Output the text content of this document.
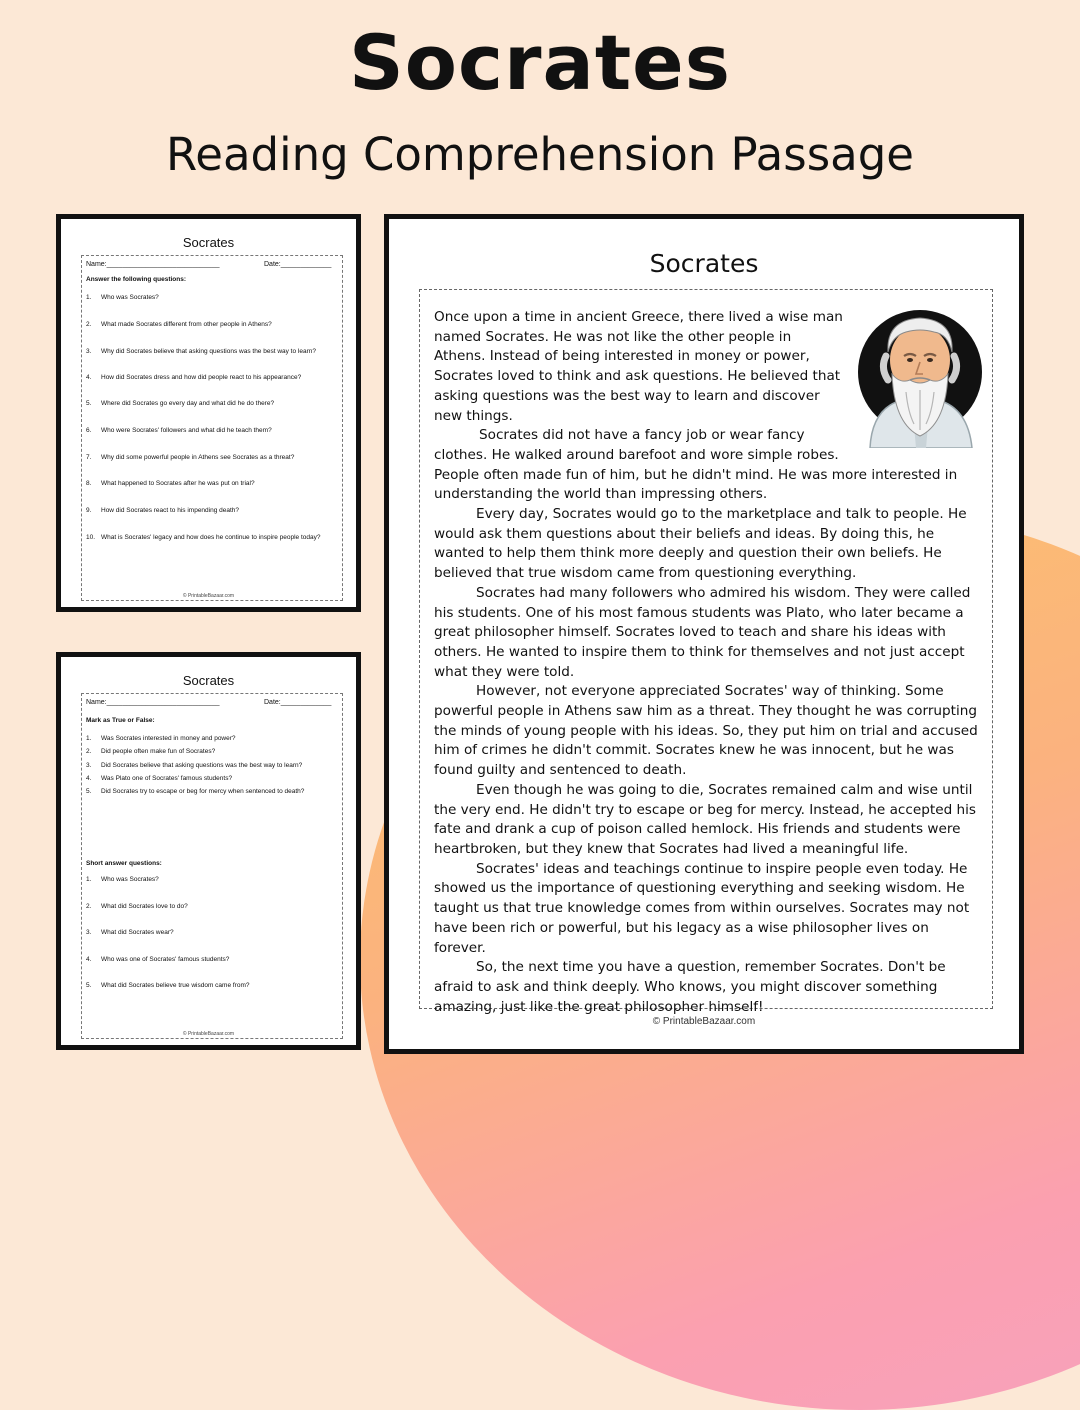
Socrates
Reading Comprehension Passage
Socrates
Name:_____________________________	Date:_____________
Answer the following questions:
1.	Who was Socrates?
2.	What made Socrates different from other people in Athens?
3.	Why did Socrates believe that asking questions was the best way to learn?
4.	How did Socrates dress and how did people react to his appearance?
5.	Where did Socrates go every day and what did he do there?
6.	Who were Socrates' followers and what did he teach them?
7.	Why did some powerful people in Athens see Socrates as a threat?
8.	What happened to Socrates after he was put on trial?
9.	How did Socrates react to his impending death?
10. What is Socrates' legacy and how does he continue to inspire people today?
© PrintableBazaar.com
Socrates
Name:_____________________________	Date:_____________
Mark as True or False:
1.	Was Socrates interested in money and power?
2.	Did people often make fun of Socrates?
3.	Did Socrates believe that asking questions was the best way to learn?
4.	Was Plato one of Socrates' famous students?
5.	Did Socrates try to escape or beg for mercy when sentenced to death?
Short answer questions:
1.	Who was Socrates?
2.	What did Socrates love to do?
3.	What did Socrates wear?
4.	Who was one of Socrates' famous students?
5.	What did Socrates believe true wisdom came from?
© PrintableBazaar.com
Socrates

Once upon a time in ancient Greece, there lived a wise man named Socrates. He was not like the other people in Athens. Instead of being interested in money or power, Socrates loved to think and ask questions. He believed that asking questions was the best way to learn and discover new things.

Socrates did not have a fancy job or wear fancy clothes. He walked around barefoot and wore simple robes. People often made fun of him, but he didn't mind. He was more interested in understanding the world than impressing others.

Every day, Socrates would go to the marketplace and talk to people. He would ask them questions about their beliefs and ideas. By doing this, he wanted to help them think more deeply and question their own beliefs. He believed that true wisdom came from questioning everything.

Socrates had many followers who admired his wisdom. They were called his students. One of his most famous students was Plato, who later became a great philosopher himself. Socrates loved to teach and share his ideas with others. He wanted to inspire them to think for themselves and not just accept what they were told.

However, not everyone appreciated Socrates' way of thinking. Some powerful people in Athens saw him as a threat. They thought he was corrupting the minds of young people with his ideas. So, they put him on trial and accused him of crimes he didn't commit. Socrates knew he was innocent, but he was found guilty and sentenced to death.

Even though he was going to die, Socrates remained calm and wise until the very end. He didn't try to escape or beg for mercy. Instead, he accepted his fate and drank a cup of poison called hemlock. His friends and students were heartbroken, but they knew that Socrates had lived a meaningful life.

Socrates' ideas and teachings continue to inspire people even today. He showed us the importance of questioning everything and seeking wisdom. He taught us that true knowledge comes from within ourselves. Socrates may not have been rich or powerful, but his legacy as a wise philosopher lives on forever.

So, the next time you have a question, remember Socrates. Don't be afraid to ask and think deeply. Who knows, you might discover something amazing, just like the great philosopher himself!

© PrintableBazaar.com
